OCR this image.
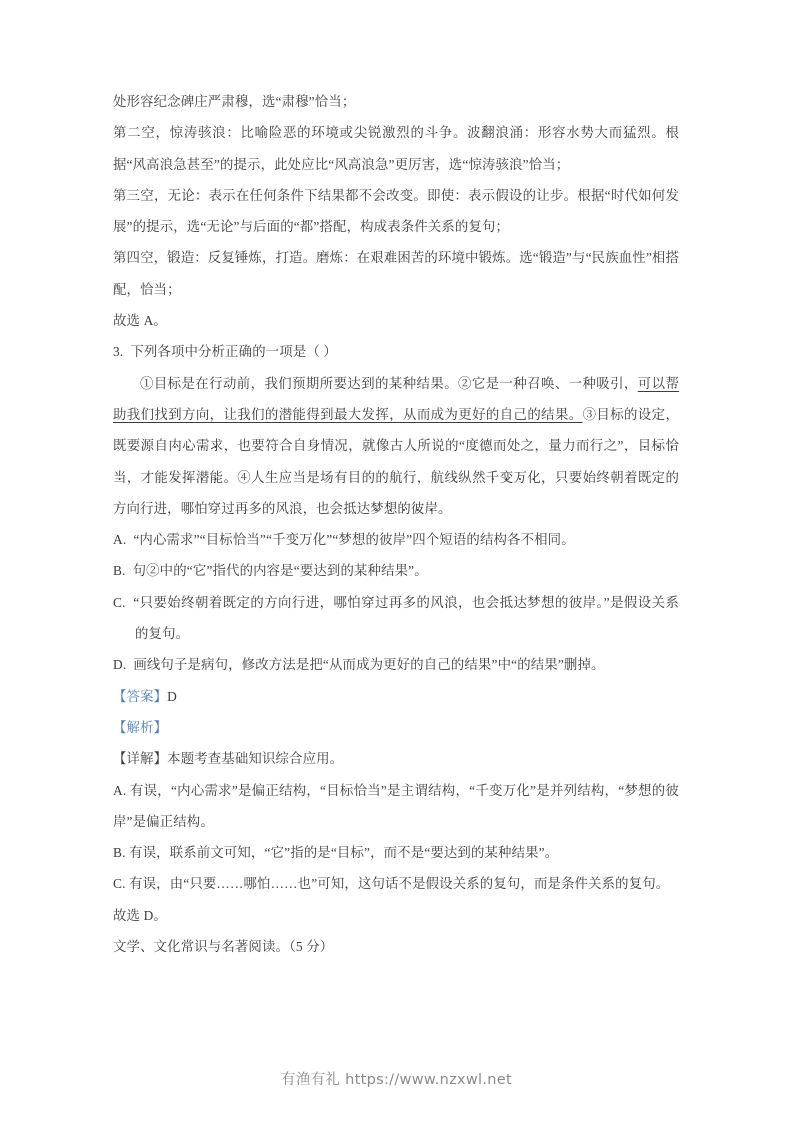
处形容纪念碑庄严肃穆，选“肃穆”恰当；
第二空，惊涛骇浪：比喻险恶的环境或尖锐激烈的斗争。波翻浪涌：形容水势大而猛烈。根据“风高浪急甚至”的提示，此处应比“风高浪急”更厉害，选“惊涛骇浪”恰当；
第三空，无论：表示在任何条件下结果都不会改变。即使：表示假设的让步。根据“时代如何发展”的提示，选“无论”与后面的“都”搭配，构成表条件关系的复句；
第四空，锻造：反复锤炼，打造。磨炼：在艰难困苦的环境中锻炼。选“锻造”与“民族血性”相搭配，恰当；
故选 A。
3. 下列各项中分析正确的一项是（ ）
①目标是在行动前，我们预期所要达到的某种结果。②它是一种召唤、一种吸引，可以帮助我们找到方向，让我们的潜能得到最大发挥，从而成为更好的自己的结果。③目标的设定，既要源自内心需求，也要符合自身情况，就像古人所说的“度德而处之，量力而行之”，目标恰当，才能发挥潜能。④人生应当是场有目的的航行，航线纵然千变万化，只要始终朝着既定的方向行进，哪怕穿过再多的风浪，也会抵达梦想的彼岸。
A. “内心需求”“目标恰当”“千变万化”“梦想的彼岸”四个短语的结构各不相同。
B. 句②中的“它”指代的内容是“要达到的某种结果”。
C. “只要始终朝着既定的方向行进，哪怕穿过再多的风浪，也会抵达梦想的彼岸。”是假设关系的复句。
D. 画线句子是病句，修改方法是把“从而成为更好的自己的结果”中“的结果”删掉。
【答案】D
【解析】
【详解】本题考查基础知识综合应用。
A. 有误，“内心需求”是偏正结构，“目标恰当”是主谓结构，“千变万化”是并列结构，“梦想的彼岸”是偏正结构。
B. 有误，联系前文可知，“它”指的是“目标”，而不是“要达到的某种结果”。
C. 有误，由“只要……哪怕……也”可知，这句话不是假设关系的复句，而是条件关系的复句。
故选 D。
文学、文化常识与名著阅读。（5 分）
有渔有礼 https://www.nzxwl.net
